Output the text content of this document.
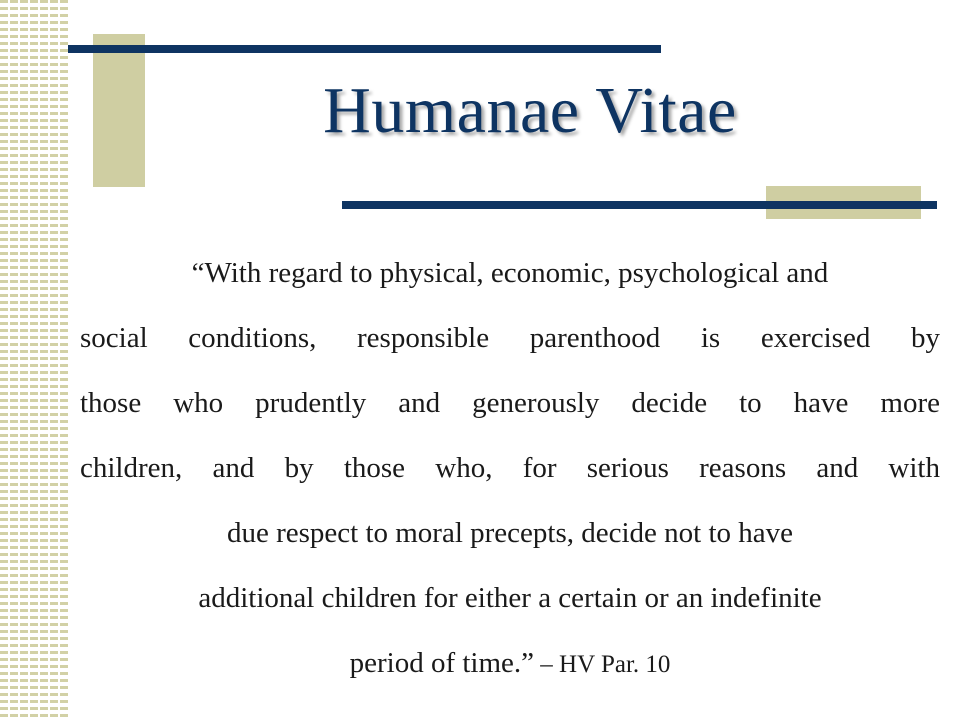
Humanae Vitae
“With regard to physical, economic, psychological and
social conditions, responsible parenthood is exercised by
those who prudently and generously decide to have more
children, and by those who, for serious reasons and with
due respect to moral precepts, decide not to have
additional children for either a certain or an indefinite
period of time.” – HV Par. 10
